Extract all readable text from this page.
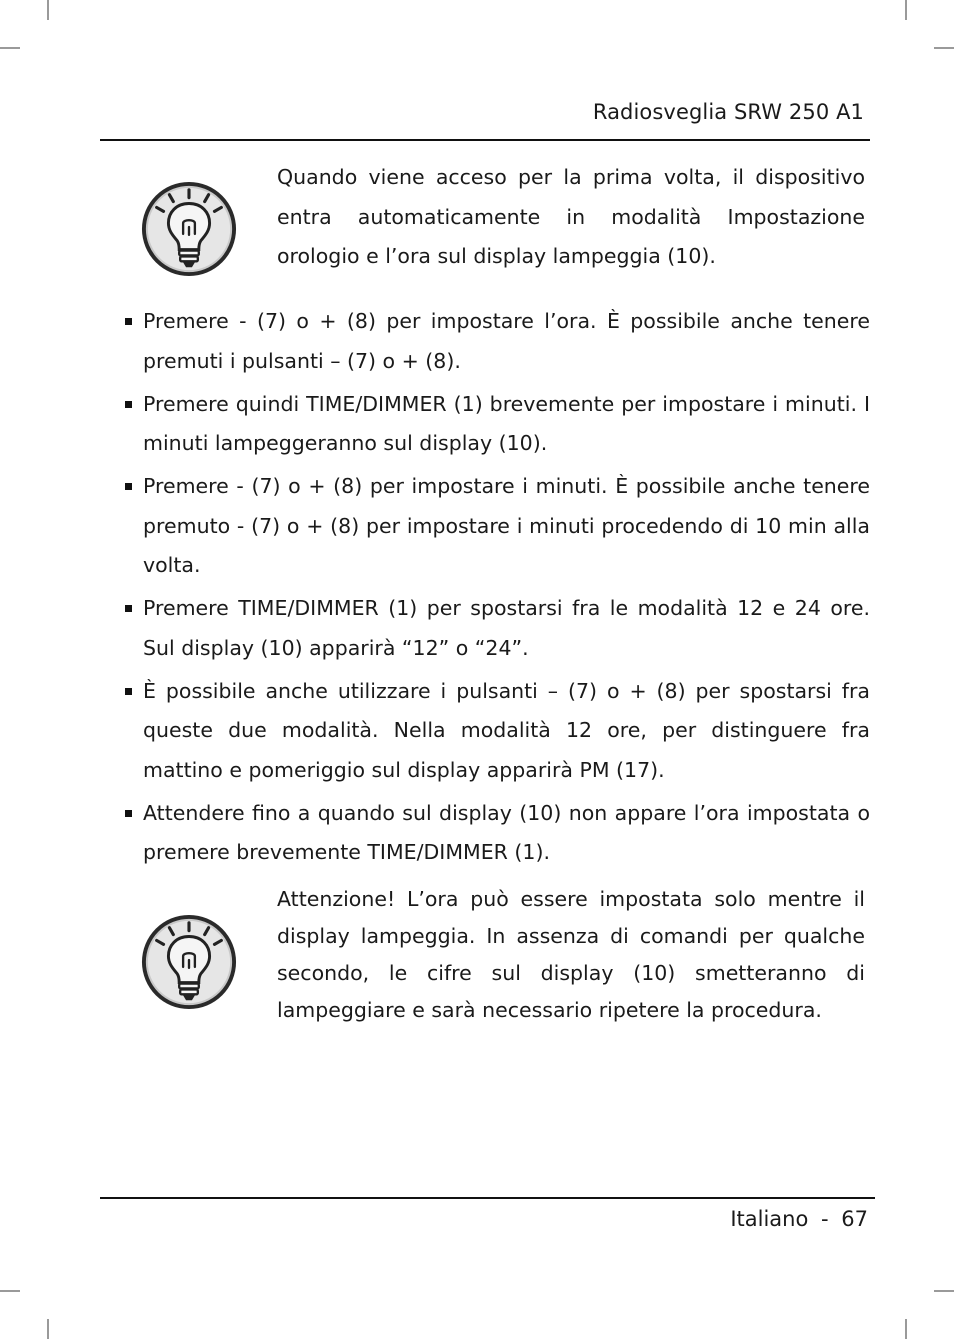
Radiosveglia SRW 250 A1
Quando viene acceso per la prima volta, il dispositivo entra automaticamente in modalità Impostazione orologio e l’ora sul display lampeggia (10).
Premere - (7) o + (8) per impostare l’ora. È possibile anche tenere premuti i pulsanti – (7) o + (8).
Premere quindi TIME/DIMMER (1) brevemente per impostare i minuti. I minuti lampeggeranno sul display (10).
Premere - (7) o + (8) per impostare i minuti. È possibile anche tenere premuto - (7) o + (8) per impostare i minuti procedendo di 10 min alla volta.
Premere TIME/DIMMER (1) per spostarsi fra le modalità 12 e 24 ore. Sul display (10) apparirà “12” o “24”.
È possibile anche utilizzare i pulsanti – (7) o + (8) per spostarsi fra queste due modalità. Nella modalità 12 ore, per distinguere fra mattino e pomeriggio sul display apparirà PM (17).
Attendere fino a quando sul display (10) non appare l’ora impostata o premere brevemente TIME/DIMMER (1).
Attenzione! L’ora può essere impostata solo mentre il display lampeggia. In assenza di comandi per qualche secondo, le cifre sul display (10) smetteranno di lampeggiare e sarà necessario ripetere la procedura.
Italiano - 67
